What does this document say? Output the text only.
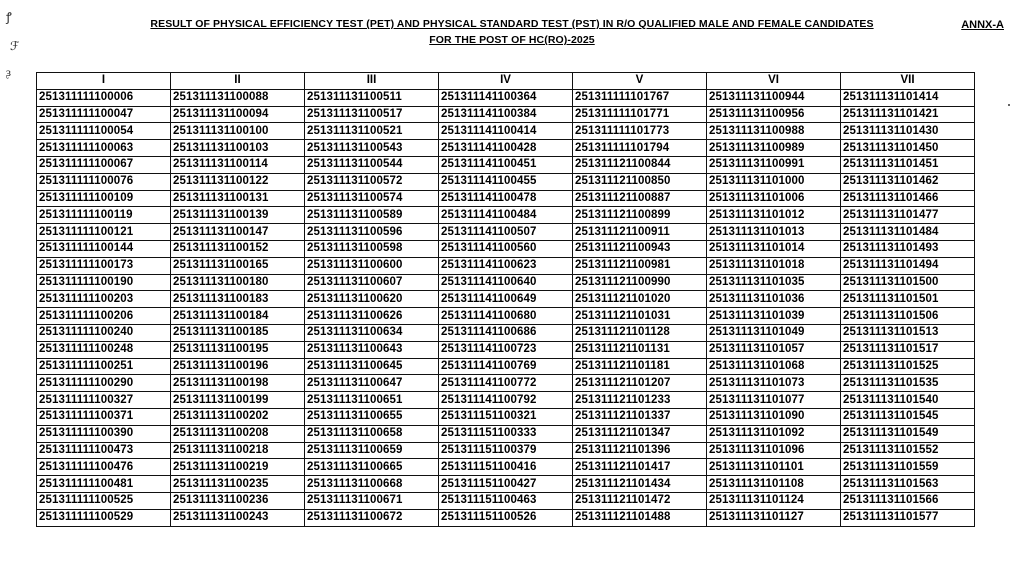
ꝭ
ℱ
ᶔ
RESULT OF PHYSICAL EFFICIENCY TEST (PET) AND PHYSICAL STANDARD TEST (PST) IN R/O QUALIFIED MALE AND FEMALE CANDIDATES
FOR THE POST OF HC(RO)-2025
ANNX-A
I	II	III	IV	V	VI	VII
251311111100006	251311131100088	251311131100511	251311141100364	251311111101767	251311131100944	251311131101414
251311111100047	251311131100094	251311131100517	251311141100384	251311111101771	251311131100956	251311131101421
251311111100054	251311131100100	251311131100521	251311141100414	251311111101773	251311131100988	251311131101430
251311111100063	251311131100103	251311131100543	251311141100428	251311111101794	251311131100989	251311131101450
251311111100067	251311131100114	251311131100544	251311141100451	251311121100844	251311131100991	251311131101451
251311111100076	251311131100122	251311131100572	251311141100455	251311121100850	251311131101000	251311131101462
251311111100109	251311131100131	251311131100574	251311141100478	251311121100887	251311131101006	251311131101466
251311111100119	251311131100139	251311131100589	251311141100484	251311121100899	251311131101012	251311131101477
251311111100121	251311131100147	251311131100596	251311141100507	251311121100911	251311131101013	251311131101484
251311111100144	251311131100152	251311131100598	251311141100560	251311121100943	251311131101014	251311131101493
251311111100173	251311131100165	251311131100600	251311141100623	251311121100981	251311131101018	251311131101494
251311111100190	251311131100180	251311131100607	251311141100640	251311121100990	251311131101035	251311131101500
251311111100203	251311131100183	251311131100620	251311141100649	251311121101020	251311131101036	251311131101501
251311111100206	251311131100184	251311131100626	251311141100680	251311121101031	251311131101039	251311131101506
251311111100240	251311131100185	251311131100634	251311141100686	251311121101128	251311131101049	251311131101513
251311111100248	251311131100195	251311131100643	251311141100723	251311121101131	251311131101057	251311131101517
251311111100251	251311131100196	251311131100645	251311141100769	251311121101181	251311131101068	251311131101525
251311111100290	251311131100198	251311131100647	251311141100772	251311121101207	251311131101073	251311131101535
251311111100327	251311131100199	251311131100651	251311141100792	251311121101233	251311131101077	251311131101540
251311111100371	251311131100202	251311131100655	251311151100321	251311121101337	251311131101090	251311131101545
251311111100390	251311131100208	251311131100658	251311151100333	251311121101347	251311131101092	251311131101549
251311111100473	251311131100218	251311131100659	251311151100379	251311121101396	251311131101096	251311131101552
251311111100476	251311131100219	251311131100665	251311151100416	251311121101417	251311131101101	251311131101559
251311111100481	251311131100235	251311131100668	251311151100427	251311121101434	251311131101108	251311131101563
251311111100525	251311131100236	251311131100671	251311151100463	251311121101472	251311131101124	251311131101566
251311111100529	251311131100243	251311131100672	251311151100526	251311121101488	251311131101127	251311131101577
